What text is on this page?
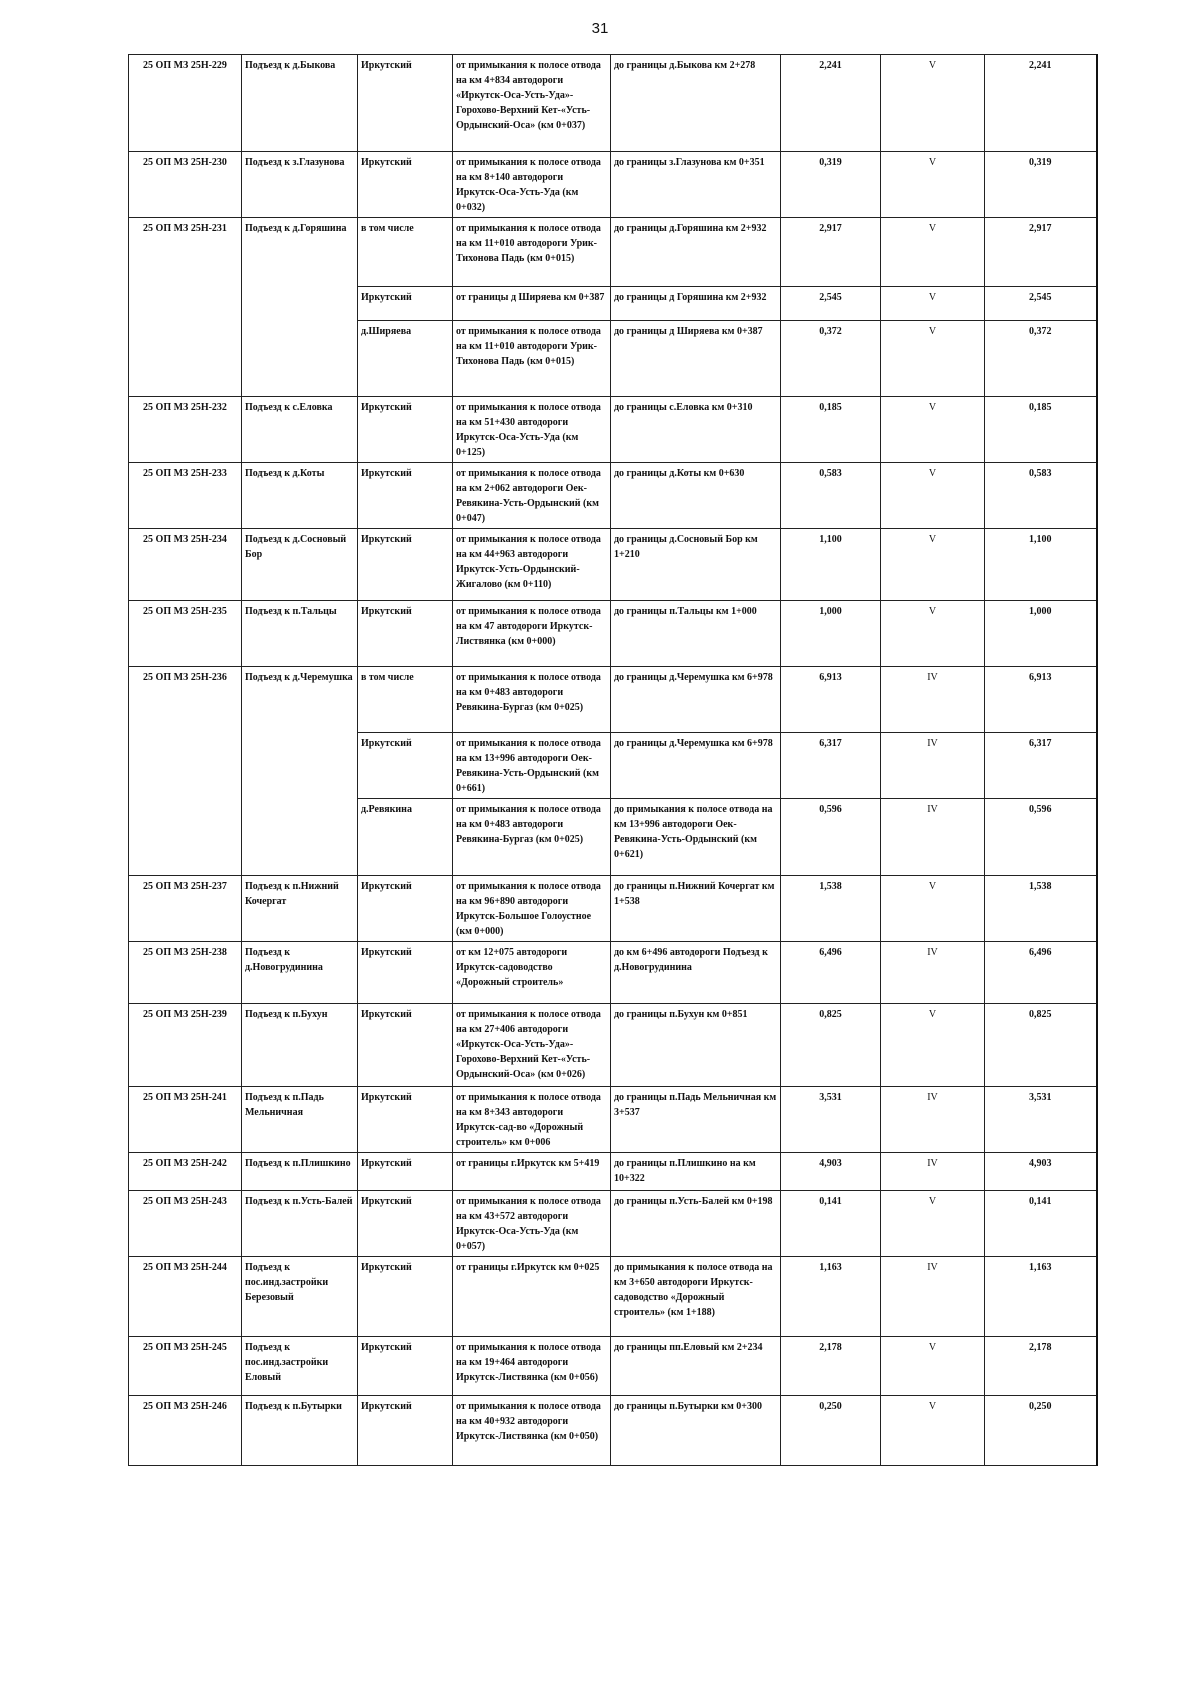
31
25 ОП МЗ 25Н-229	Подъезд к д.Быкова	Иркутский	от примыкания к полосе отвода на км 4+834 автодороги «Иркутск-Оса-Усть-Уда»-Горохово-Верхний Кет-«Усть-Ордынский-Оса» (км 0+037)	до границы д.Быкова км 2+278	2,241	V	2,241
25 ОП МЗ 25Н-230	Подъезд к з.Глазунова	Иркутский	от примыкания к полосе отвода на км 8+140 автодороги Иркутск-Оса-Усть-Уда (км 0+032)	до границы з.Глазунова км 0+351	0,319	V	0,319
25 ОП МЗ 25Н-231	Подъезд к д.Горяшина	в том числе	от примыкания к полосе отвода на км 11+010 автодороги Урик-Тихонова Падь (км 0+015)	до границы д.Горяшина км 2+932	2,917	V	2,917
		Иркутский	от границы д Ширяева км 0+387	до границы д Горяшина км 2+932	2,545	V	2,545
		д.Ширяева	от примыкания к полосе отвода на км 11+010 автодороги Урик-Тихонова Падь (км 0+015)	до границы д Ширяева км 0+387	0,372	V	0,372
25 ОП МЗ 25Н-232	Подъезд к с.Еловка	Иркутский	от примыкания к полосе отвода на км 51+430 автодороги Иркутск-Оса-Усть-Уда (км 0+125)	до границы с.Еловка км 0+310	0,185	V	0,185
25 ОП МЗ 25Н-233	Подъезд к д.Коты	Иркутский	от примыкания к полосе отвода на км 2+062 автодороги Оек-Ревякина-Усть-Ордынский (км 0+047)	до границы д.Коты км 0+630	0,583	V	0,583
25 ОП МЗ 25Н-234	Подъезд к д.Сосновый Бор	Иркутский	от примыкания к полосе отвода на км 44+963 автодороги Иркутск-Усть-Ордынский-Жигалово (км 0+110)	до границы д.Сосновый Бор км 1+210	1,100	V	1,100
25 ОП МЗ 25Н-235	Подъезд к п.Тальцы	Иркутский	от примыкания к полосе отвода на км 47 автодороги Иркутск-Листвянка (км 0+000)	до границы п.Тальцы км 1+000	1,000	V	1,000
25 ОП МЗ 25Н-236	Подъезд к д.Черемушка	в том числе	от примыкания к полосе отвода на км 0+483 автодороги Ревякина-Бургаз (км 0+025)	до границы д.Черемушка км 6+978	6,913	IV	6,913
		Иркутский	от примыкания к полосе отвода на км 13+996 автодороги Оек-Ревякина-Усть-Ордынский (км 0+661)	до границы д.Черемушка км 6+978	6,317	IV	6,317
		д.Ревякина	от примыкания к полосе отвода на км 0+483 автодороги Ревякина-Бургаз (км 0+025)	до примыкания к полосе отвода на км 13+996 автодороги Оек-Ревякина-Усть-Ордынский (км 0+621)	0,596	IV	0,596
25 ОП МЗ 25Н-237	Подъезд к п.Нижний Кочергат	Иркутский	от примыкания к полосе отвода на км 96+890 автодороги Иркутск-Большое Голоустное (км 0+000)	до границы п.Нижний Кочергат км 1+538	1,538	V	1,538
25 ОП МЗ 25Н-238	Подъезд к д.Новогрудинина	Иркутский	от км 12+075 автодороги Иркутск-садоводство «Дорожный строитель»	до км 6+496 автодороги Подъезд к д.Новогрудинина	6,496	IV	6,496
25 ОП МЗ 25Н-239	Подъезд к п.Бухун	Иркутский	от примыкания к полосе отвода на км 27+406 автодороги «Иркутск-Оса-Усть-Уда»-Горохово-Верхний Кет-«Усть-Ордынский-Оса» (км 0+026)	до границы п.Бухун км 0+851	0,825	V	0,825
25 ОП МЗ 25Н-241	Подъезд к п.Падь Мельничная	Иркутский	от примыкания к полосе отвода на км 8+343 автодороги Иркутск-сад-во «Дорожный строитель» км 0+006	до границы п.Падь Мельничная км 3+537	3,531	IV	3,531
25 ОП МЗ 25Н-242	Подъезд к п.Плишкино	Иркутский	от границы г.Иркутск км 5+419	до границы п.Плишкино на км 10+322	4,903	IV	4,903
25 ОП МЗ 25Н-243	Подъезд к п.Усть-Балей	Иркутский	от примыкания к полосе отвода на км 43+572 автодороги Иркутск-Оса-Усть-Уда (км 0+057)	до границы п.Усть-Балей км 0+198	0,141	V	0,141
25 ОП МЗ 25Н-244	Подъезд к пос.инд.застройки Березовый	Иркутский	от границы г.Иркутск км 0+025	до примыкания к полосе отвода на км 3+650 автодороги Иркутск-садоводство «Дорожный строитель» (км 1+188)	1,163	IV	1,163
25 ОП МЗ 25Н-245	Подъезд к пос.инд.застройки Еловый	Иркутский	от примыкания к полосе отвода на км 19+464 автодороги Иркутск-Листвянка (км 0+056)	до границы пп.Еловый км 2+234	2,178	V	2,178
25 ОП МЗ 25Н-246	Подъезд к п.Бутырки	Иркутский	от примыкания к полосе отвода на км 40+932 автодороги Иркутск-Листвянка (км 0+050)	до границы п.Бутырки км 0+300	0,250	V	0,250
